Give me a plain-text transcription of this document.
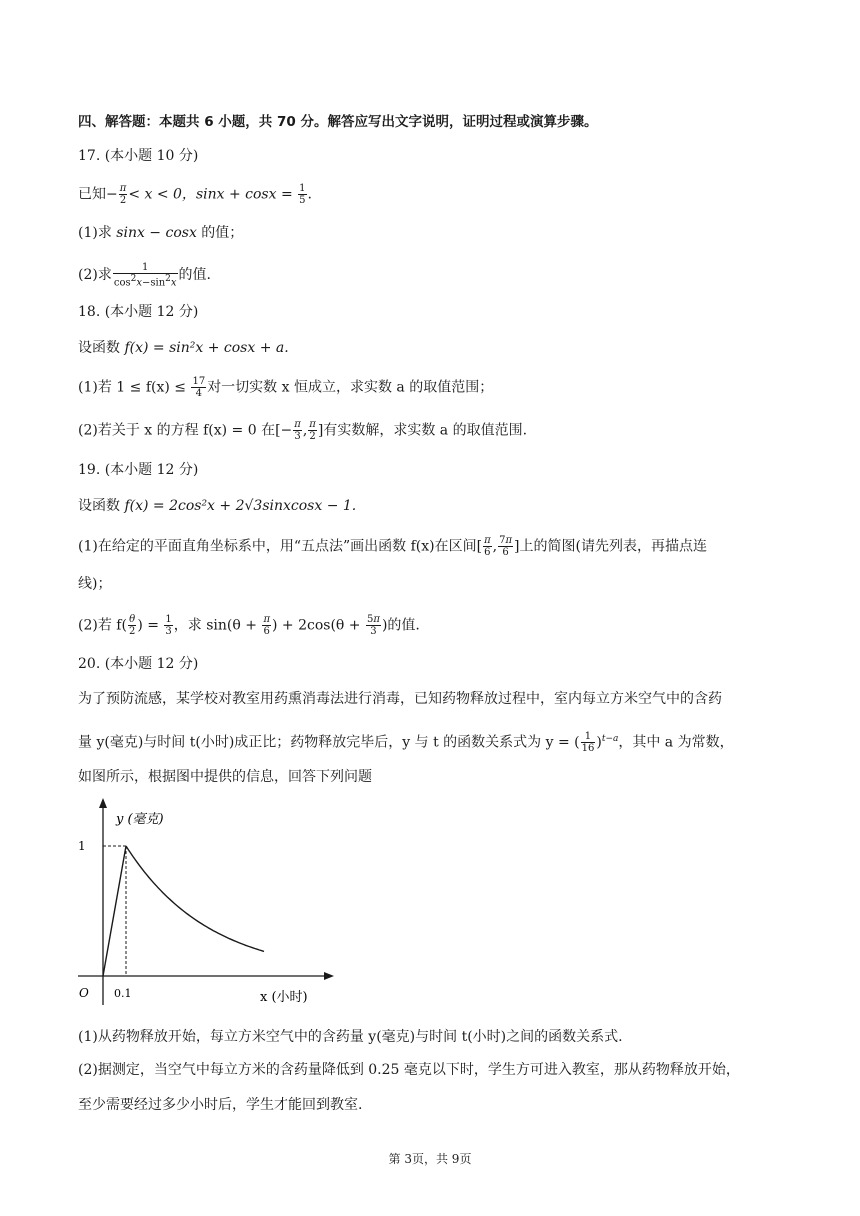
四、解答题：本题共 6 小题，共 70 分。解答应写出文字说明，证明过程或演算步骤。
17. (本小题 10 分)
已知− $\frac{\pi}{2} < x < 0$，$\sin x + \cos x = \frac{1}{5}$ .
(1)求 sinx − cosx 的值；
(2)求 $\frac{1}{\cos^2x-\sin^2x}$ 的值.
18. (本小题 12 分)
设函数 f(x) = sin²x + cosx + a.
(1)若 $1 \le f(x) \le \frac{17}{4}$ 对一切实数 x 恒成立，求实数 a 的取值范围；
(2)若关于 x 的方程 f(x) = 0 在[− $\frac{\pi}{3}$ , $\frac{\pi}{2}$ ]有实数解，求实数 a 的取值范围.
19. (本小题 12 分)
设函数 f(x) = 2cos²x + 2√3sinxcosx − 1.
(1)在给定的平面直角坐标系中，用“五点法”画出函数 f(x)在区间[ $\frac{\pi}{6}$ , $\frac{7\pi}{6}$ ]上的简图(请先列表，再描点连
线)；
(2)若 $f( \frac{\theta}{2}$ ) = $\frac{1}{3}$ ，求 $\sin(\theta + \frac{\pi}{6}$ ) + $2\cos(\theta + \frac{5\pi}{3}$ )的值.
20. (本小题 12 分)
为了预防流感，某学校对教室用药熏消毒法进行消毒，已知药物释放过程中，室内每立方米空气中的含药
量 y(毫克)与时间 t(小时)成正比；药物释放完毕后，y 与 t 的函数关系式为 y = ( $\frac{1}{16} )^{t-a}$，其中 a 为常数，
如图所示，根据图中提供的信息，回答下列问题
y (毫克)
1
O 0.1	x (小时)
(1)从药物释放开始，每立方米空气中的含药量 y(毫克)与时间 t(小时)之间的函数关系式.
(2)据测定，当空气中每立方米的含药量降低到 0.25 毫克以下时，学生方可进入教室，那从药物释放开始，
至少需要经过多少小时后，学生才能回到教室.
第 3页，共 9页
